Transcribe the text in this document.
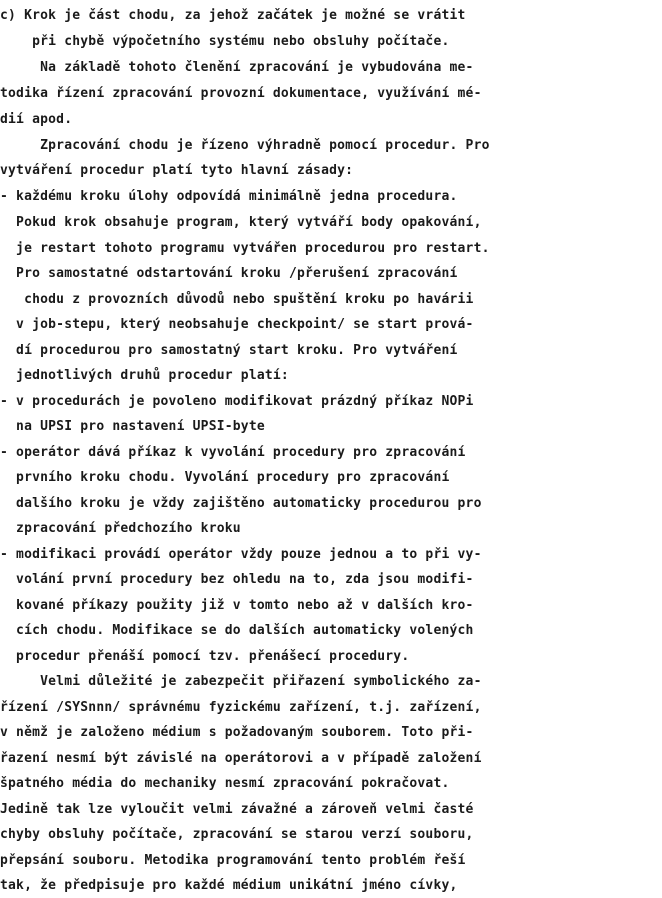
c) Krok je část chodu, za jehož začátek je možné se vrátit
při chybě výpočetního systému nebo obsluhy počítače.
Na základě tohoto členění zpracování je vybudována me-
todika řízení zpracování provozní dokumentace, využívání mé-
dií apod.
Zpracování chodu je řízeno výhradně pomocí procedur. Pro
vytváření procedur platí tyto hlavní zásady:
- každému kroku úlohy odpovídá minimálně jedna procedura.
Pokud krok obsahuje program, který vytváří body opakování,
je restart tohoto programu vytvářen procedurou pro restart.
Pro samostatné odstartování kroku /přerušení zpracování
chodu z provozních důvodů nebo spuštění kroku po havárii
v job-stepu, který neobsahuje checkpoint/ se start prová-
dí procedurou pro samostatný start kroku. Pro vytváření
jednotlivých druhů procedur platí:
- v procedurách je povoleno modifikovat prázdný příkaz NOPi
na UPSI pro nastavení UPSI-byte
- operátor dává příkaz k vyvolání procedury pro zpracování
prvního kroku chodu. Vyvolání procedury pro zpracování
dalšího kroku je vždy zajištěno automaticky procedurou pro
zpracování předchozího kroku
- modifikaci provádí operátor vždy pouze jednou a to při vy-
volání první procedury bez ohledu na to, zda jsou modifi-
kované příkazy použity již v tomto nebo až v dalších kro-
cích chodu. Modifikace se do dalších automaticky volených
procedur přenáší pomocí tzv. přenášecí procedury.
Velmi důležité je zabezpečit přiřazení symbolického za-
řízení /SYSnnn/ správnému fyzickému zařízení, t.j. zařízení,
v němž je založeno médium s požadovaným souborem. Toto při-
řazení nesmí být závislé na operátorovi a v případě založení
špatného média do mechaniky nesmí zpracování pokračovat.
Jedině tak lze vyloučit velmi závažné a zároveň velmi časté
chyby obsluhy počítače, zpracování se starou verzí souboru,
přepsání souboru. Metodika programování tento problém řeší
tak, že předpisuje pro každé médium unikátní jméno cívky,
